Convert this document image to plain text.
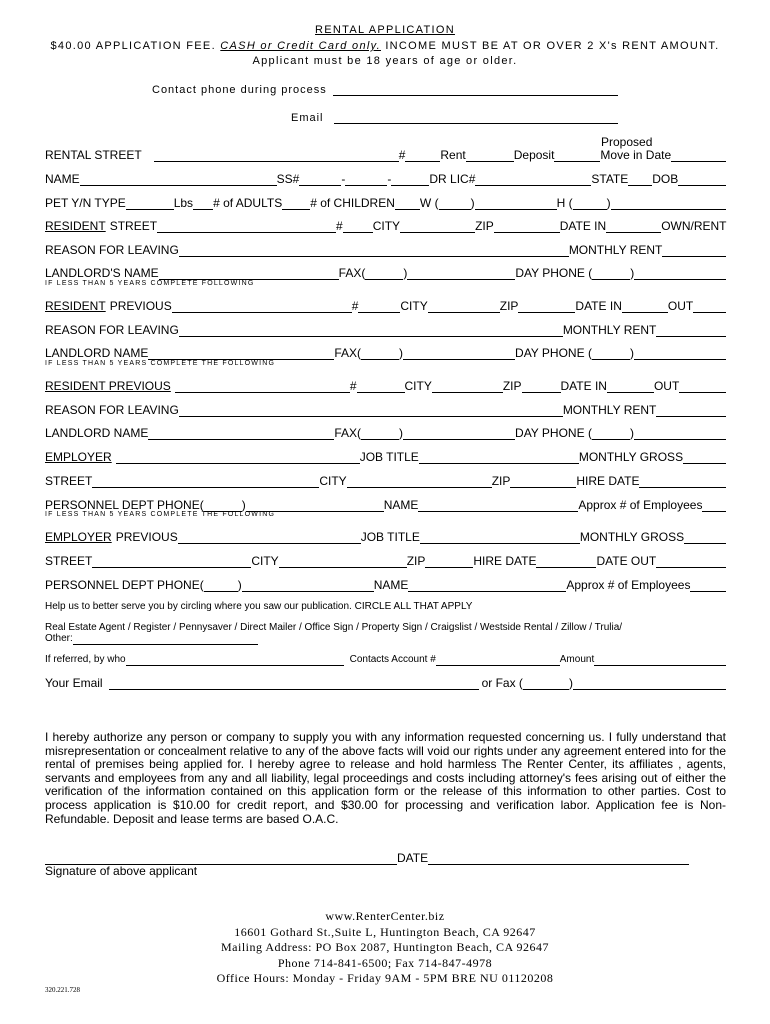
RENTAL APPLICATION
$40.00 APPLICATION FEE. CASH or Credit Card only. INCOME MUST BE AT OR OVER 2 X's RENT AMOUNT.
Applicant must be 18 years of age or older.
Contact phone during process
Email
Proposed
RENTAL STREET	#	Rent	Deposit	Move in Date
NAME	SS#	-	-	DR LIC#	STATE DOB
PET Y/N TYPE	Lbs # of ADULTS # of CHILDREN W (	)	H (	)
RESIDENT STREET	#	CITY	ZIP	DATE IN	OWN/RENT
REASON FOR LEAVING	MONTHLY RENT
LANDLORD'S NAME	FAX(	)	DAY PHONE (	)
IF LESS THAN 5 YEARS COMPLETE FOLLOWING
RESIDENT PREVIOUS	#	CITY	ZIP	DATE IN	OUT
REASON FOR LEAVING	MONTHLY RENT
LANDLORD NAME	FAX(	)	DAY PHONE (	)
IF LESS THAN 5 YEARS COMPLETE THE FOLLOWING
RESIDENT PREVIOUS	#	CITY	ZIP	DATE IN	OUT
REASON FOR LEAVING	MONTHLY RENT
LANDLORD NAME	FAX(	)	DAY PHONE (	)
EMPLOYER	JOB TITLE	MONTHLY GROSS
STREET	CITY	ZIP	HIRE DATE
PERSONNEL DEPT PHONE(	)	NAME	Approx # of Employees
IF LESS THAN 5 YEARS COMPLETE THE FOLLOWING
EMPLOYER PREVIOUS	JOB TITLE	MONTHLY GROSS
STREET	CITY	ZIP	HIRE DATE	DATE OUT
PERSONNEL DEPT PHONE(	)	NAME	Approx # of Employees
Help us to better serve you by circling where you saw our publication. CIRCLE ALL THAT APPLY
Real Estate Agent / Register / Pennysaver / Direct Mailer / Office Sign / Property Sign / Craigslist / Westside Rental / Zillow / Trulia/
Other:
If referred, by who	Contacts Account #	Amount
Your Email	or Fax (	)
I hereby authorize any person or company to supply you with any information requested concerning us. I fully understand that misrepresentation or concealment relative to any of the above facts will void our rights under any agreement entered into for the rental of premises being applied for. I hereby agree to release and hold harmless The Renter Center, its affiliates , agents, servants and employees from any and all liability, legal proceedings and costs including attorney's fees arising out of either the verification of the information contained on this application form or the release of this information to other parties. Cost to process application is $10.00 for credit report, and $30.00 for processing and verification labor. Application fee is Non- Refundable. Deposit and lease terms are based O.A.C.
DATE
Signature of above applicant
www.RenterCenter.biz
16601 Gothard St.,Suite L, Huntington Beach, CA 92647
Mailing Address: PO Box 2087, Huntington Beach, CA 92647
Phone 714-841-6500; Fax 714-847-4978
Office Hours: Monday - Friday 9AM - 5PM BRE NU 01120208
320.221.728
